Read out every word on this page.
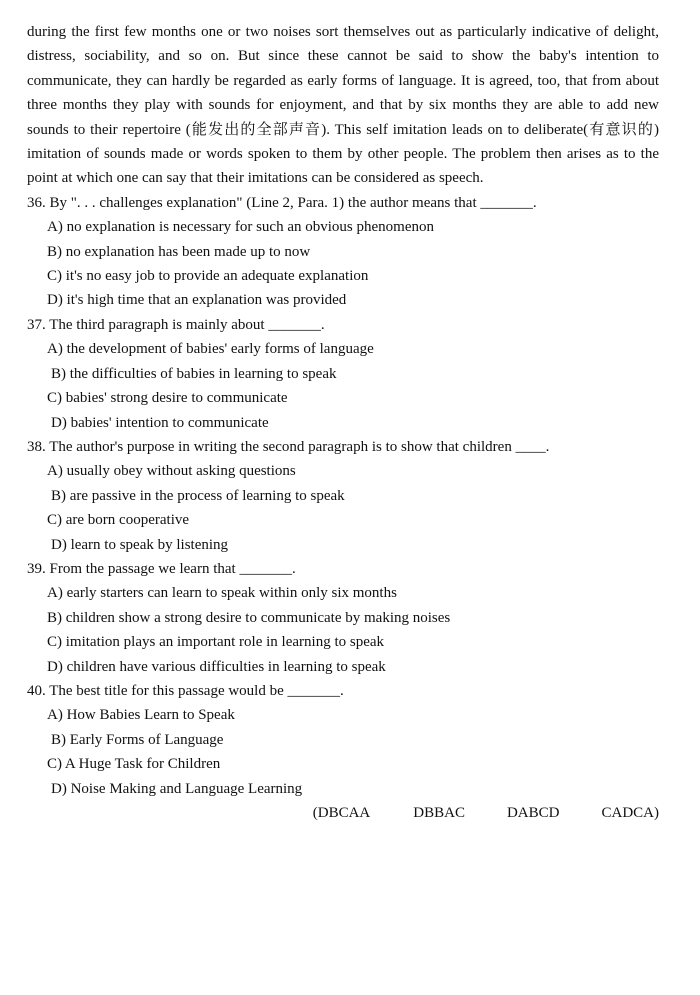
during the first few months one or two noises sort themselves out as particularly indicative of delight, distress, sociability, and so on. But since these cannot be said to show the baby's intention to communicate, they can hardly be regarded as early forms of language. It is agreed, too, that from about three months they play with sounds for enjoyment, and that by six months they are able to add new sounds to their repertoire (能发出的全部声音). This self imitation leads on to deliberate(有意识的) imitation of sounds made or words spoken to them by other people. The problem then arises as to the point at which one can say that their imitations can be considered as speech.

36. By ". . . challenges explanation" (Line 2, Para. 1) the author means that _______.

A) no explanation is necessary for such an obvious phenomenon
B) no explanation has been made up to now
C) it's no easy job to provide an adequate explanation
D) it's high time that an explanation was provided

37. The third paragraph is mainly about _______.

A) the development of babies' early forms of language
B) the difficulties of babies in learning to speak
C) babies' strong desire to communicate
D) babies' intention to communicate

38. The author's purpose in writing the second paragraph is to show that children ____.

A) usually obey without asking questions
B) are passive in the process of learning to speak
C) are born cooperative
D) learn to speak by listening

39. From the passage we learn that _______.

A) early starters can learn to speak within only six months
B) children show a strong desire to communicate by making noises
C) imitation plays an important role in learning to speak
D) children have various difficulties in learning to speak

40. The best title for this passage would be _______.

A) How Babies Learn to Speak
B) Early Forms of Language
C) A Huge Task for Children
D) Noise Making and Language Learning

(DBCAA	DBBAC	DABCD	CADCA)
